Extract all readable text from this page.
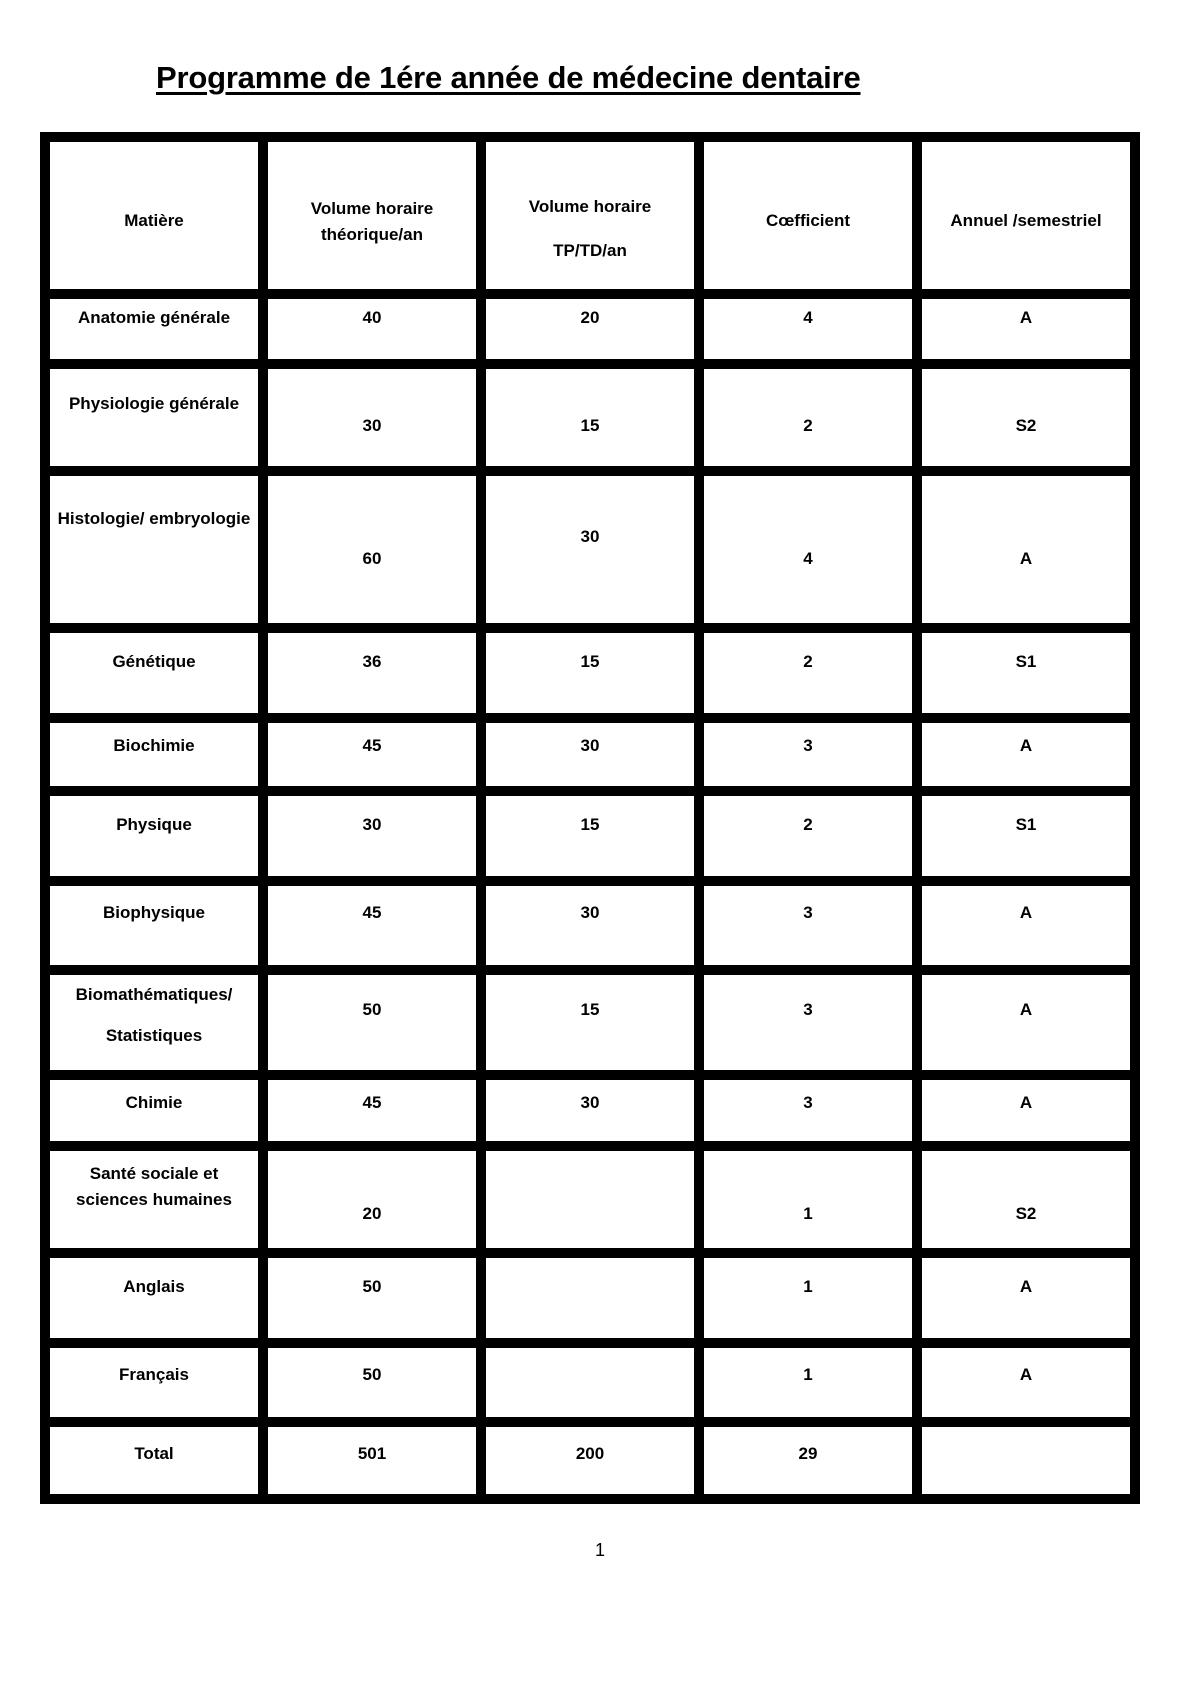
Programme de 1ére année de médecine dentaire
Matière	Volume horaire théorique/an	Volume horaire TP/TD/an	Cœfficient	Annuel /semestriel

Anatomie générale	40	20	4	A

Physiologie générale	30	15	2	S2

Histologie/ embryologie	60	30	4	A

Génétique	36	15	2	S1

Biochimie	45	30	3	A

Physique	30	15	2	S1

Biophysique	45	30	3	A

Biomathématiques/ Statistiques	50	15	3	A

Chimie	45	30	3	A

Santé sociale et sciences humaines	20		1	S2

Anglais	50		1	A

Français	50		1	A

Total	501	200	29	

1
